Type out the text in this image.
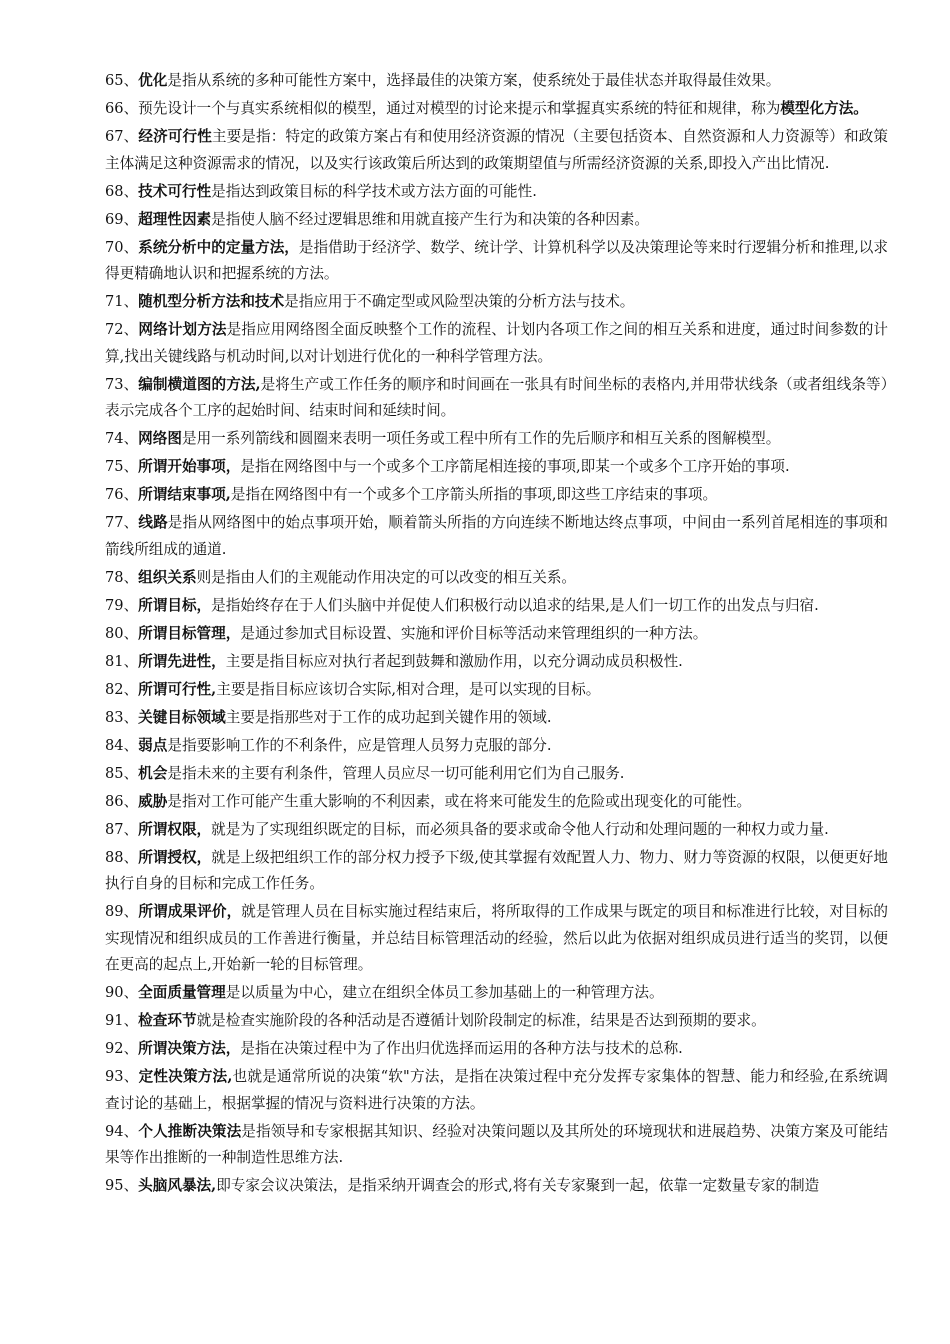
65、优化是指从系统的多种可能性方案中，选择最佳的决策方案，使系统处于最佳状态并取得最佳效果。

66、预先设计一个与真实系统相似的模型，通过对模型的讨论来提示和掌握真实系统的特征和规律，称为模型化方法。

67、经济可行性主要是指：特定的政策方案占有和使用经济资源的情况（主要包括资本、自然资源和人力资源等）和政策主体满足这种资源需求的情况，以及实行该政策后所达到的政策期望值与所需经济资源的关系,即投入产出比情况.

68、技术可行性是指达到政策目标的科学技术或方法方面的可能性.

69、超理性因素是指使人脑不经过逻辑思维和用就直接产生行为和决策的各种因素。

70、系统分析中的定量方法，是指借助于经济学、数学、统计学、计算机科学以及决策理论等来时行逻辑分析和推理,以求得更精确地认识和把握系统的方法。

71、随机型分析方法和技术是指应用于不确定型或风险型决策的分析方法与技术。

72、网络计划方法是指应用网络图全面反映整个工作的流程、计划内各项工作之间的相互关系和进度，通过时间参数的计算,找出关键线路与机动时间,以对计划进行优化的一种科学管理方法。

73、编制横道图的方法,是将生产或工作任务的顺序和时间画在一张具有时间坐标的表格内,并用带状线条（或者组线条等）表示完成各个工序的起始时间、结束时间和延续时间。

74、网络图是用一系列箭线和圆圈来表明一项任务或工程中所有工作的先后顺序和相互关系的图解模型。

75、所谓开始事项，是指在网络图中与一个或多个工序箭尾相连接的事项,即某一个或多个工序开始的事项.

76、所谓结束事项,是指在网络图中有一个或多个工序箭头所指的事项,即这些工序结束的事项。

77、线路是指从网络图中的始点事项开始，顺着箭头所指的方向连续不断地达终点事项，中间由一系列首尾相连的事项和箭线所组成的通道.

78、组织关系则是指由人们的主观能动作用决定的可以改变的相互关系。

79、所谓目标，是指始终存在于人们头脑中并促使人们积极行动以追求的结果,是人们一切工作的出发点与归宿.

80、所谓目标管理，是通过参加式目标设置、实施和评价目标等活动来管理组织的一种方法。

81、所谓先进性，主要是指目标应对执行者起到鼓舞和激励作用，以充分调动成员积极性.

82、所谓可行性,主要是指目标应该切合实际,相对合理，是可以实现的目标。

83、关键目标领域主要是指那些对于工作的成功起到关键作用的领域.

84、弱点是指要影响工作的不利条件，应是管理人员努力克服的部分.

85、机会是指未来的主要有利条件，管理人员应尽一切可能利用它们为自己服务.

86、威胁是指对工作可能产生重大影响的不利因素，或在将来可能发生的危险或出现变化的可能性。

87、所谓权限，就是为了实现组织既定的目标，而必须具备的要求或命令他人行动和处理问题的一种权力或力量.

88、所谓授权，就是上级把组织工作的部分权力授予下级,使其掌握有效配置人力、物力、财力等资源的权限，以便更好地执行自身的目标和完成工作任务。

89、所谓成果评价，就是管理人员在目标实施过程结束后，将所取得的工作成果与既定的项目和标准进行比较，对目标的实现情况和组织成员的工作善进行衡量，并总结目标管理活动的经验，然后以此为依据对组织成员进行适当的奖罚，以便在更高的起点上,开始新一轮的目标管理。

90、全面质量管理是以质量为中心，建立在组织全体员工参加基础上的一种管理方法。

91、检查环节就是检查实施阶段的各种活动是否遵循计划阶段制定的标准，结果是否达到预期的要求。

92、所谓决策方法，是指在决策过程中为了作出归优选择而运用的各种方法与技术的总称.

93、定性决策方法,也就是通常所说的决策“软"方法，是指在决策过程中充分发挥专家集体的智慧、能力和经验,在系统调查讨论的基础上，根据掌握的情况与资料进行决策的方法。

94、个人推断决策法是指领导和专家根据其知识、经验对决策问题以及其所处的环境现状和进展趋势、决策方案及可能结果等作出推断的一种制造性思维方法.

95、头脑风暴法,即专家会议决策法，是指采纳开调查会的形式,将有关专家聚到一起，依靠一定数量专家的制造
